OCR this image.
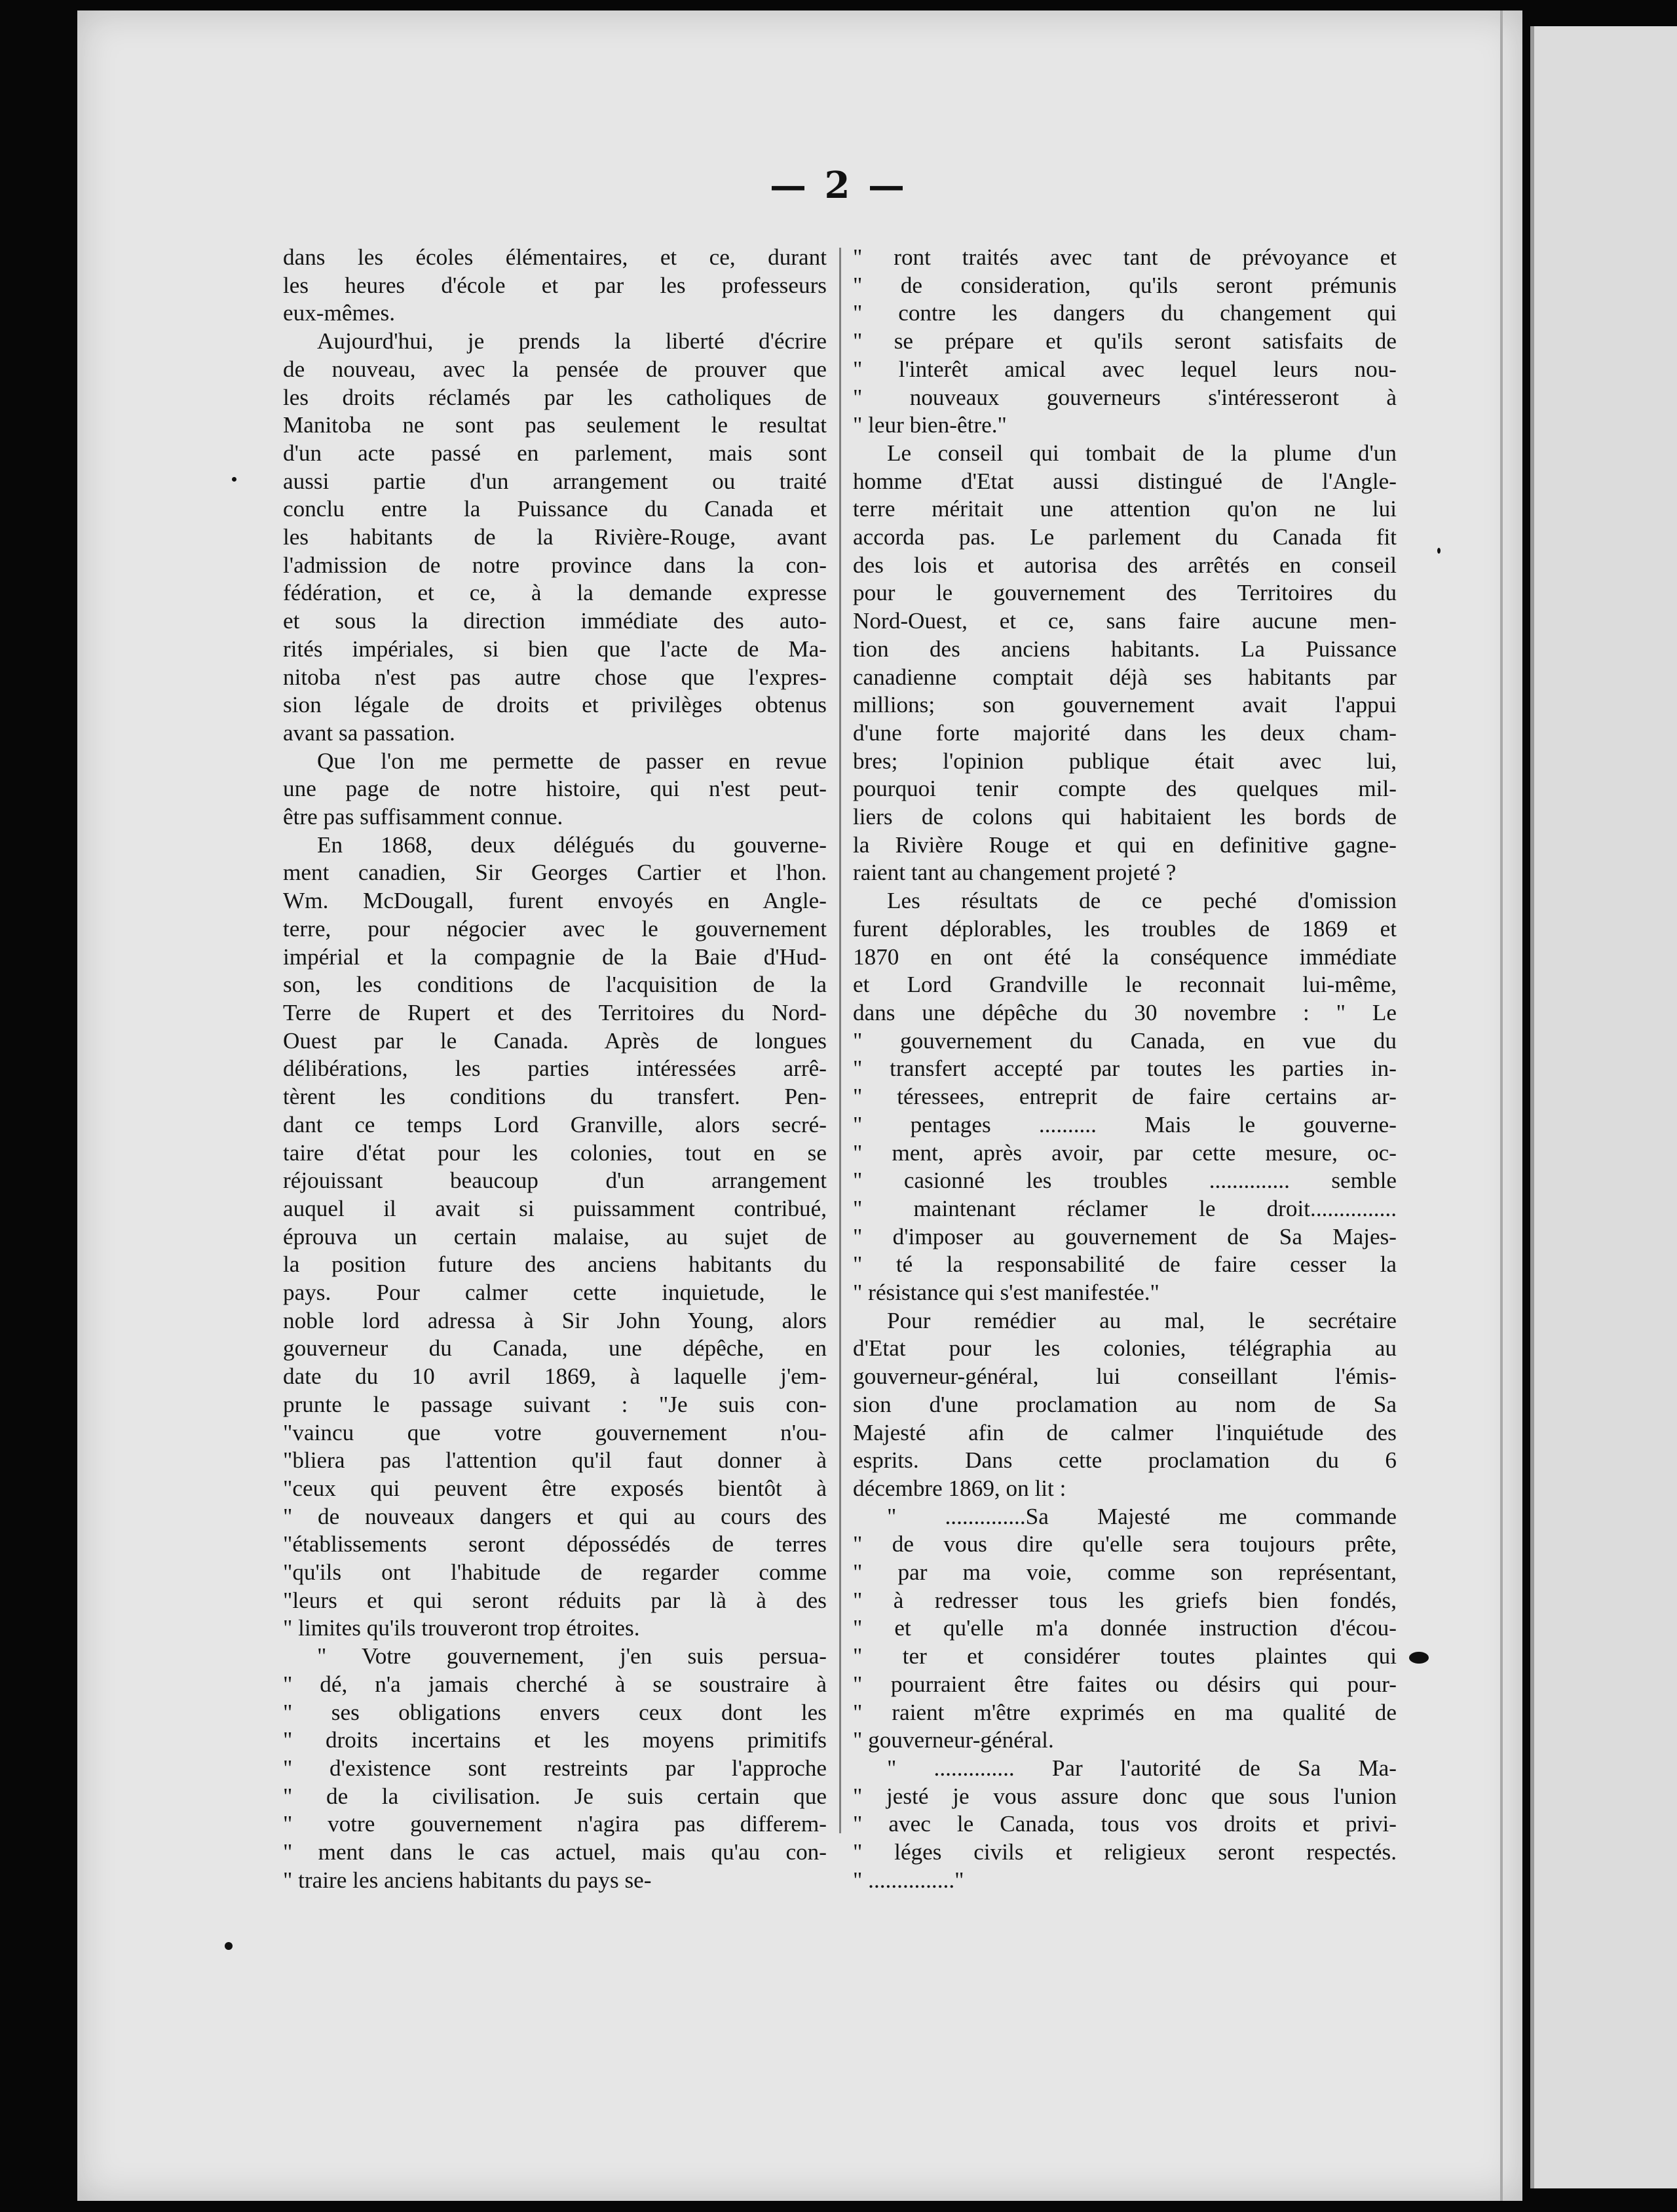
— 2 —

dans les écoles élémentaires, et ce, durant
les heures d'école et par les professeurs
eux-mêmes.

Aujourd'hui, je prends la liberté d'écrire
de nouveau, avec la pensée de prouver que
les droits réclamés par les catholiques de
Manitoba ne sont pas seulement le resultat
d'un acte passé en parlement, mais sont
aussi partie d'un arrangement ou traité
conclu entre la Puissance du Canada et
les habitants de la Rivière-Rouge, avant
l'admission de notre province dans la con-
fédération, et ce, à la demande expresse
et sous la direction immédiate des auto-
rités impériales, si bien que l'acte de Ma-
nitoba n'est pas autre chose que l'expres-
sion légale de droits et privilèges obtenus
avant sa passation.

Que l'on me permette de passer en revue
une page de notre histoire, qui n'est peut-
être pas suffisamment connue.

En 1868, deux délégués du gouverne-
ment canadien, Sir Georges Cartier et l'hon.
Wm. McDougall, furent envoyés en Angle-
terre, pour négocier avec le gouvernement
impérial et la compagnie de la Baie d'Hud-
son, les conditions de l'acquisition de la
Terre de Rupert et des Territoires du Nord-
Ouest par le Canada. Après de longues
délibérations, les parties intéressées arrê-
tèrent les conditions du transfert. Pen-
dant ce temps Lord Granville, alors secré-
taire d'état pour les colonies, tout en se
réjouissant beaucoup d'un arrangement
auquel il avait si puissamment contribué,
éprouva un certain malaise, au sujet de
la position future des anciens habitants du
pays. Pour calmer cette inquietude, le
noble lord adressa à Sir John Young, alors
gouverneur du Canada, une dépêche, en
date du 10 avril 1869, à laquelle j'em-
prunte le passage suivant : "Je suis con-
"vaincu que votre gouvernement n'ou-
"bliera pas l'attention qu'il faut donner à
"ceux qui peuvent être exposés bientôt à
" de nouveaux dangers et qui au cours des
"établissements seront dépossédés de terres
"qu'ils ont l'habitude de regarder comme
"leurs et qui seront réduits par là à des
" limites qu'ils trouveront trop étroites.

" Votre gouvernement, j'en suis persua-
" dé, n'a jamais cherché à se soustraire à
" ses obligations envers ceux dont les
" droits incertains et les moyens primitifs
" d'existence sont restreints par l'approche
" de la civilisation. Je suis certain que
" votre gouvernement n'agira pas differem-
" ment dans le cas actuel, mais qu'au con-
" traire les anciens habitants du pays se-

" ront traités avec tant de prévoyance et
" de consideration, qu'ils seront prémunis
" contre les dangers du changement qui
" se prépare et qu'ils seront satisfaits de
" l'interêt amical avec lequel leurs nou-
" nouveaux gouverneurs s'intéresseront à
" leur bien-être."

Le conseil qui tombait de la plume d'un
homme d'Etat aussi distingué de l'Angle-
terre méritait une attention qu'on ne lui
accorda pas. Le parlement du Canada fit
des lois et autorisa des arrêtés en conseil
pour le gouvernement des Territoires du
Nord-Ouest, et ce, sans faire aucune men-
tion des anciens habitants. La Puissance
canadienne comptait déjà ses habitants par
millions; son gouvernement avait l'appui
d'une forte majorité dans les deux cham-
bres; l'opinion publique était avec lui,
pourquoi tenir compte des quelques mil-
liers de colons qui habitaient les bords de
la Rivière Rouge et qui en definitive gagne-
raient tant au changement projeté ?

Les résultats de ce peché d'omission
furent déplorables, les troubles de 1869 et
1870 en ont été la conséquence immédiate
et Lord Grandville le reconnait lui-même,
dans une dépêche du 30 novembre : " Le
" gouvernement du Canada, en vue du
" transfert accepté par toutes les parties in-
" téressees, entreprit de faire certains ar-
" pentages .......... Mais le gouverne-
" ment, après avoir, par cette mesure, oc-
" casionné les troubles .............. semble
" maintenant réclamer le droit...............
" d'imposer au gouvernement de Sa Majes-
" té la responsabilité de faire cesser la
" résistance qui s'est manifestée."

Pour remédier au mal, le secrétaire
d'Etat pour les colonies, télégraphia au
gouverneur-général, lui conseillant l'émis-
sion d'une proclamation au nom de Sa
Majesté afin de calmer l'inquiétude des
esprits. Dans cette proclamation du 6
décembre 1869, on lit :

" ..............Sa Majesté me commande
" de vous dire qu'elle sera toujours prête,
" par ma voie, comme son représentant,
" à redresser tous les griefs bien fondés,
" et qu'elle m'a donnée instruction d'écou-
" ter et considérer toutes plaintes qui
" pourraient être faites ou désirs qui pour-
" raient m'être exprimés en ma qualité de
" gouverneur-général.

" .............. Par l'autorité de Sa Ma-
" jesté je vous assure donc que sous l'union
" avec le Canada, tous vos droits et privi-
" léges civils et religieux seront respectés.
" ..............."
